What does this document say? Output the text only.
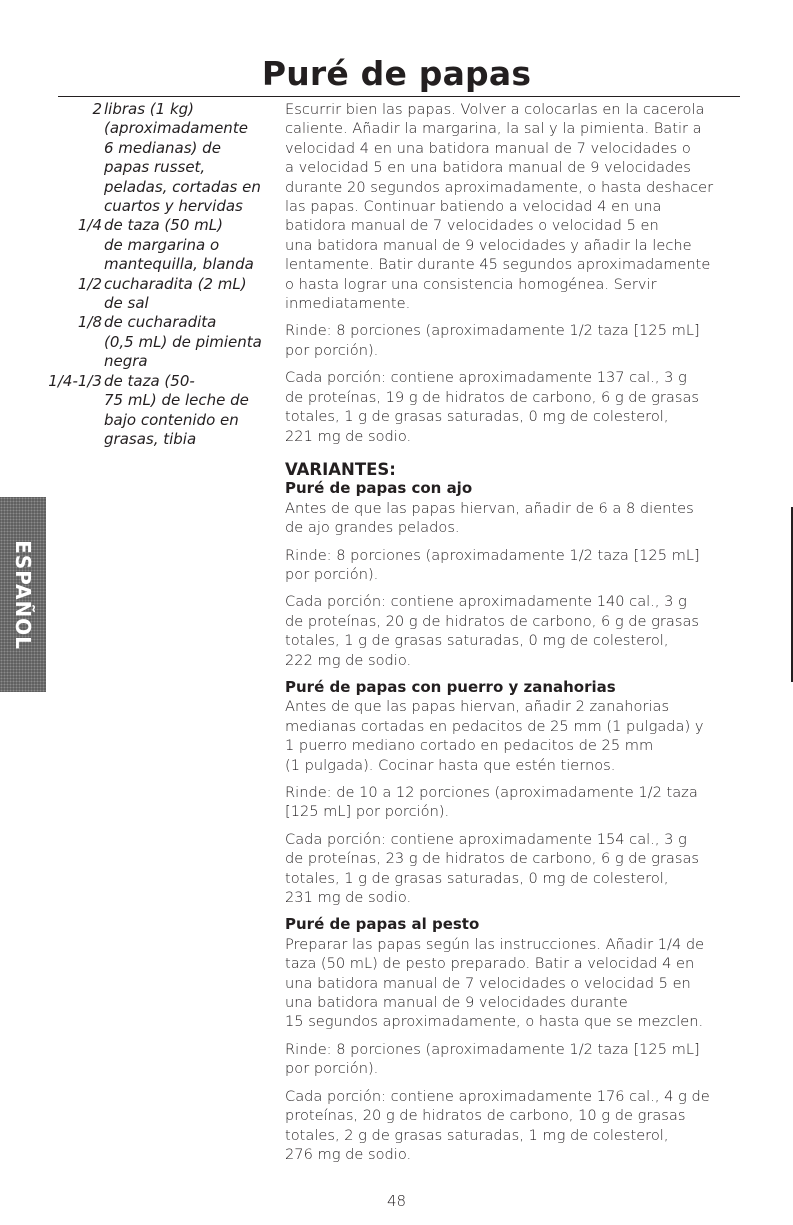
Puré de papas
2 libras (1 kg)
(aproximadamente
6 medianas) de
papas russet,
peladas, cortadas en
cuartos y hervidas
1/4 de taza (50 mL)
de margarina o
mantequilla, blanda
1/2 cucharadita (2 mL)
de sal
1/8 de cucharadita
(0,5 mL) de pimienta
negra
1/4-1/3 de taza (50-
75 mL) de leche de
bajo contenido en
grasas, tibia
ESPAÑOL

Escurrir bien las papas. Volver a colocarlas en la cacerola
caliente. Añadir la margarina, la sal y la pimienta. Batir a
velocidad 4 en una batidora manual de 7 velocidades o
a velocidad 5 en una batidora manual de 9 velocidades
durante 20 segundos aproximadamente, o hasta deshacer
las papas. Continuar batiendo a velocidad 4 en una
batidora manual de 7 velocidades o velocidad 5 en
una batidora manual de 9 velocidades y añadir la leche
lentamente. Batir durante 45 segundos aproximadamente
o hasta lograr una consistencia homogénea. Servir
inmediatamente.

Rinde: 8 porciones (aproximadamente 1/2 taza [125 mL]
por porción).

Cada porción: contiene aproximadamente 137 cal., 3 g
de proteínas, 19 g de hidratos de carbono, 6 g de grasas
totales, 1 g de grasas saturadas, 0 mg de colesterol,
221 mg de sodio.

VARIANTES:
Puré de papas con ajo

Antes de que las papas hiervan, añadir de 6 a 8 dientes
de ajo grandes pelados.

Rinde: 8 porciones (aproximadamente 1/2 taza [125 mL]
por porción).

Cada porción: contiene aproximadamente 140 cal., 3 g
de proteínas, 20 g de hidratos de carbono, 6 g de grasas
totales, 1 g de grasas saturadas, 0 mg de colesterol,
222 mg de sodio.

Puré de papas con puerro y zanahorias

Antes de que las papas hiervan, añadir 2 zanahorias
medianas cortadas en pedacitos de 25 mm (1 pulgada) y
1 puerro mediano cortado en pedacitos de 25 mm
(1 pulgada). Cocinar hasta que estén tiernos.

Rinde: de 10 a 12 porciones (aproximadamente 1/2 taza
[125 mL] por porción).

Cada porción: contiene aproximadamente 154 cal., 3 g
de proteínas, 23 g de hidratos de carbono, 6 g de grasas
totales, 1 g de grasas saturadas, 0 mg de colesterol,
231 mg de sodio.

Puré de papas al pesto

Preparar las papas según las instrucciones. Añadir 1/4 de
taza (50 mL) de pesto preparado. Batir a velocidad 4 en
una batidora manual de 7 velocidades o velocidad 5 en
una batidora manual de 9 velocidades durante
15 segundos aproximadamente, o hasta que se mezclen.

Rinde: 8 porciones (aproximadamente 1/2 taza [125 mL]
por porción).

Cada porción: contiene aproximadamente 176 cal., 4 g de
proteínas, 20 g de hidratos de carbono, 10 g de grasas
totales, 2 g de grasas saturadas, 1 mg de colesterol,
276 mg de sodio.

48
